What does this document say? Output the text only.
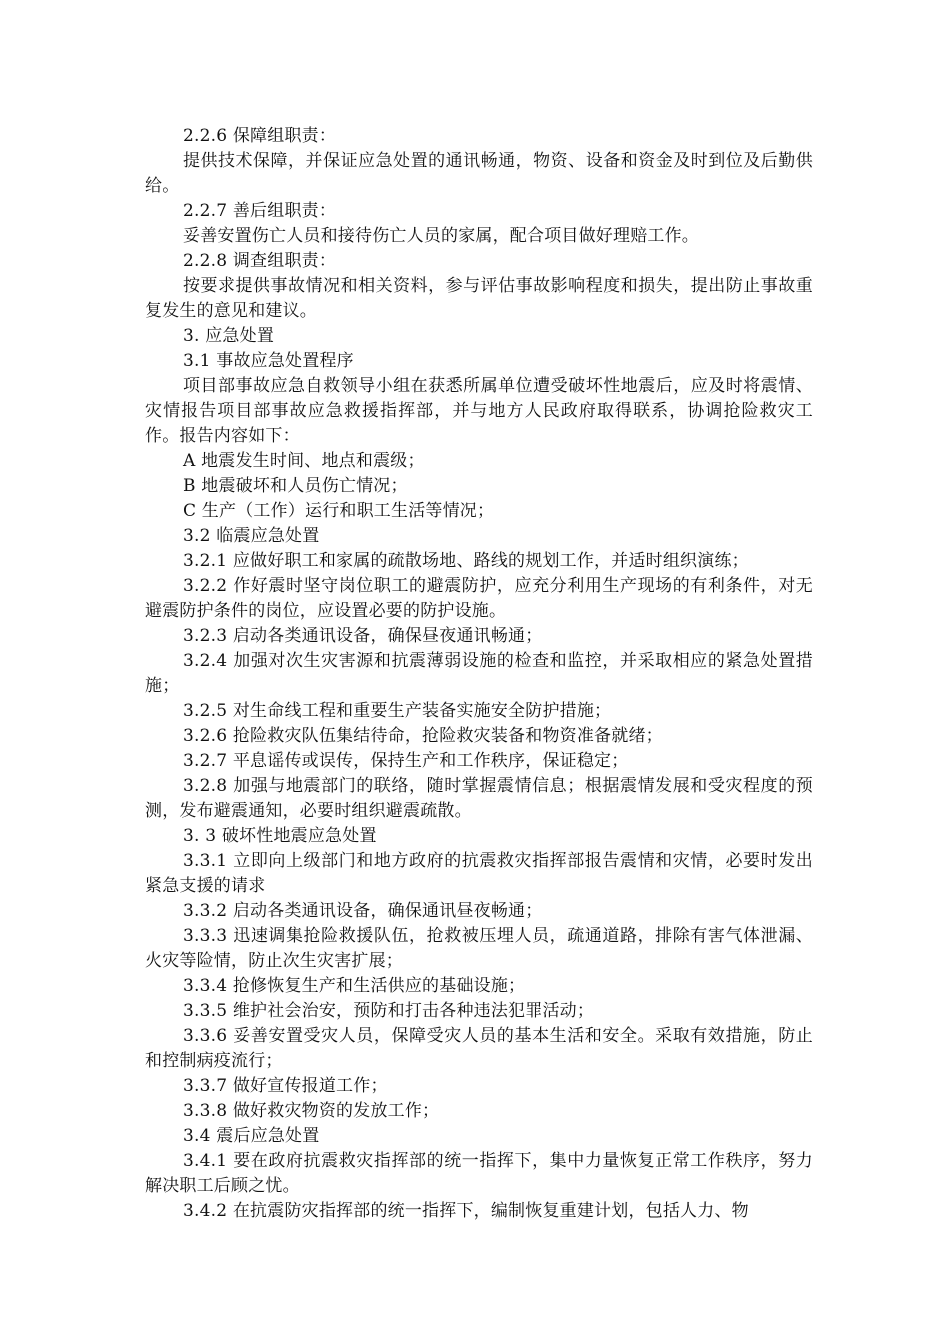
2.2.6 保障组职责：

提供技术保障，并保证应急处置的通讯畅通，物资、设备和资金及时到位及后勤供给。

2.2.7 善后组职责：

妥善安置伤亡人员和接待伤亡人员的家属，配合项目做好理赔工作。

2.2.8 调查组职责：

按要求提供事故情况和相关资料，参与评估事故影响程度和损失，提出防止事故重复发生的意见和建议。

3. 应急处置

3.1 事故应急处置程序

项目部事故应急自救领导小组在获悉所属单位遭受破坏性地震后，应及时将震情、灾情报告项目部事故应急救援指挥部，并与地方人民政府取得联系，协调抢险救灾工作。报告内容如下：

A 地震发生时间、地点和震级；

B 地震破坏和人员伤亡情况；

C 生产（工作）运行和职工生活等情况；

3.2 临震应急处置

3.2.1 应做好职工和家属的疏散场地、路线的规划工作，并适时组织演练；

3.2.2 作好震时坚守岗位职工的避震防护，应充分利用生产现场的有利条件，对无避震防护条件的岗位，应设置必要的防护设施。

3.2.3 启动各类通讯设备，确保昼夜通讯畅通；

3.2.4 加强对次生灾害源和抗震薄弱设施的检查和监控，并采取相应的紧急处置措施；

3.2.5 对生命线工程和重要生产装备实施安全防护措施；

3.2.6 抢险救灾队伍集结待命，抢险救灾装备和物资准备就绪；

3.2.7 平息谣传或误传，保持生产和工作秩序，保证稳定；

3.2.8 加强与地震部门的联络，随时掌握震情信息；根据震情发展和受灾程度的预测，发布避震通知，必要时组织避震疏散。

3. 3 破坏性地震应急处置

3.3.1 立即向上级部门和地方政府的抗震救灾指挥部报告震情和灾情，必要时发出紧急支援的请求

3.3.2 启动各类通讯设备，确保通讯昼夜畅通；

3.3.3 迅速调集抢险救援队伍，抢救被压埋人员，疏通道路，排除有害气体泄漏、火灾等险情，防止次生灾害扩展；

3.3.4 抢修恢复生产和生活供应的基础设施；

3.3.5 维护社会治安，预防和打击各种违法犯罪活动；

3.3.6 妥善安置受灾人员，保障受灾人员的基本生活和安全。采取有效措施，防止和控制病疫流行；

3.3.7 做好宣传报道工作；

3.3.8 做好救灾物资的发放工作；

3.4 震后应急处置

3.4.1 要在政府抗震救灾指挥部的统一指挥下，集中力量恢复正常工作秩序，努力解决职工后顾之忧。

3.4.2 在抗震防灾指挥部的统一指挥下，编制恢复重建计划，包括人力、物
